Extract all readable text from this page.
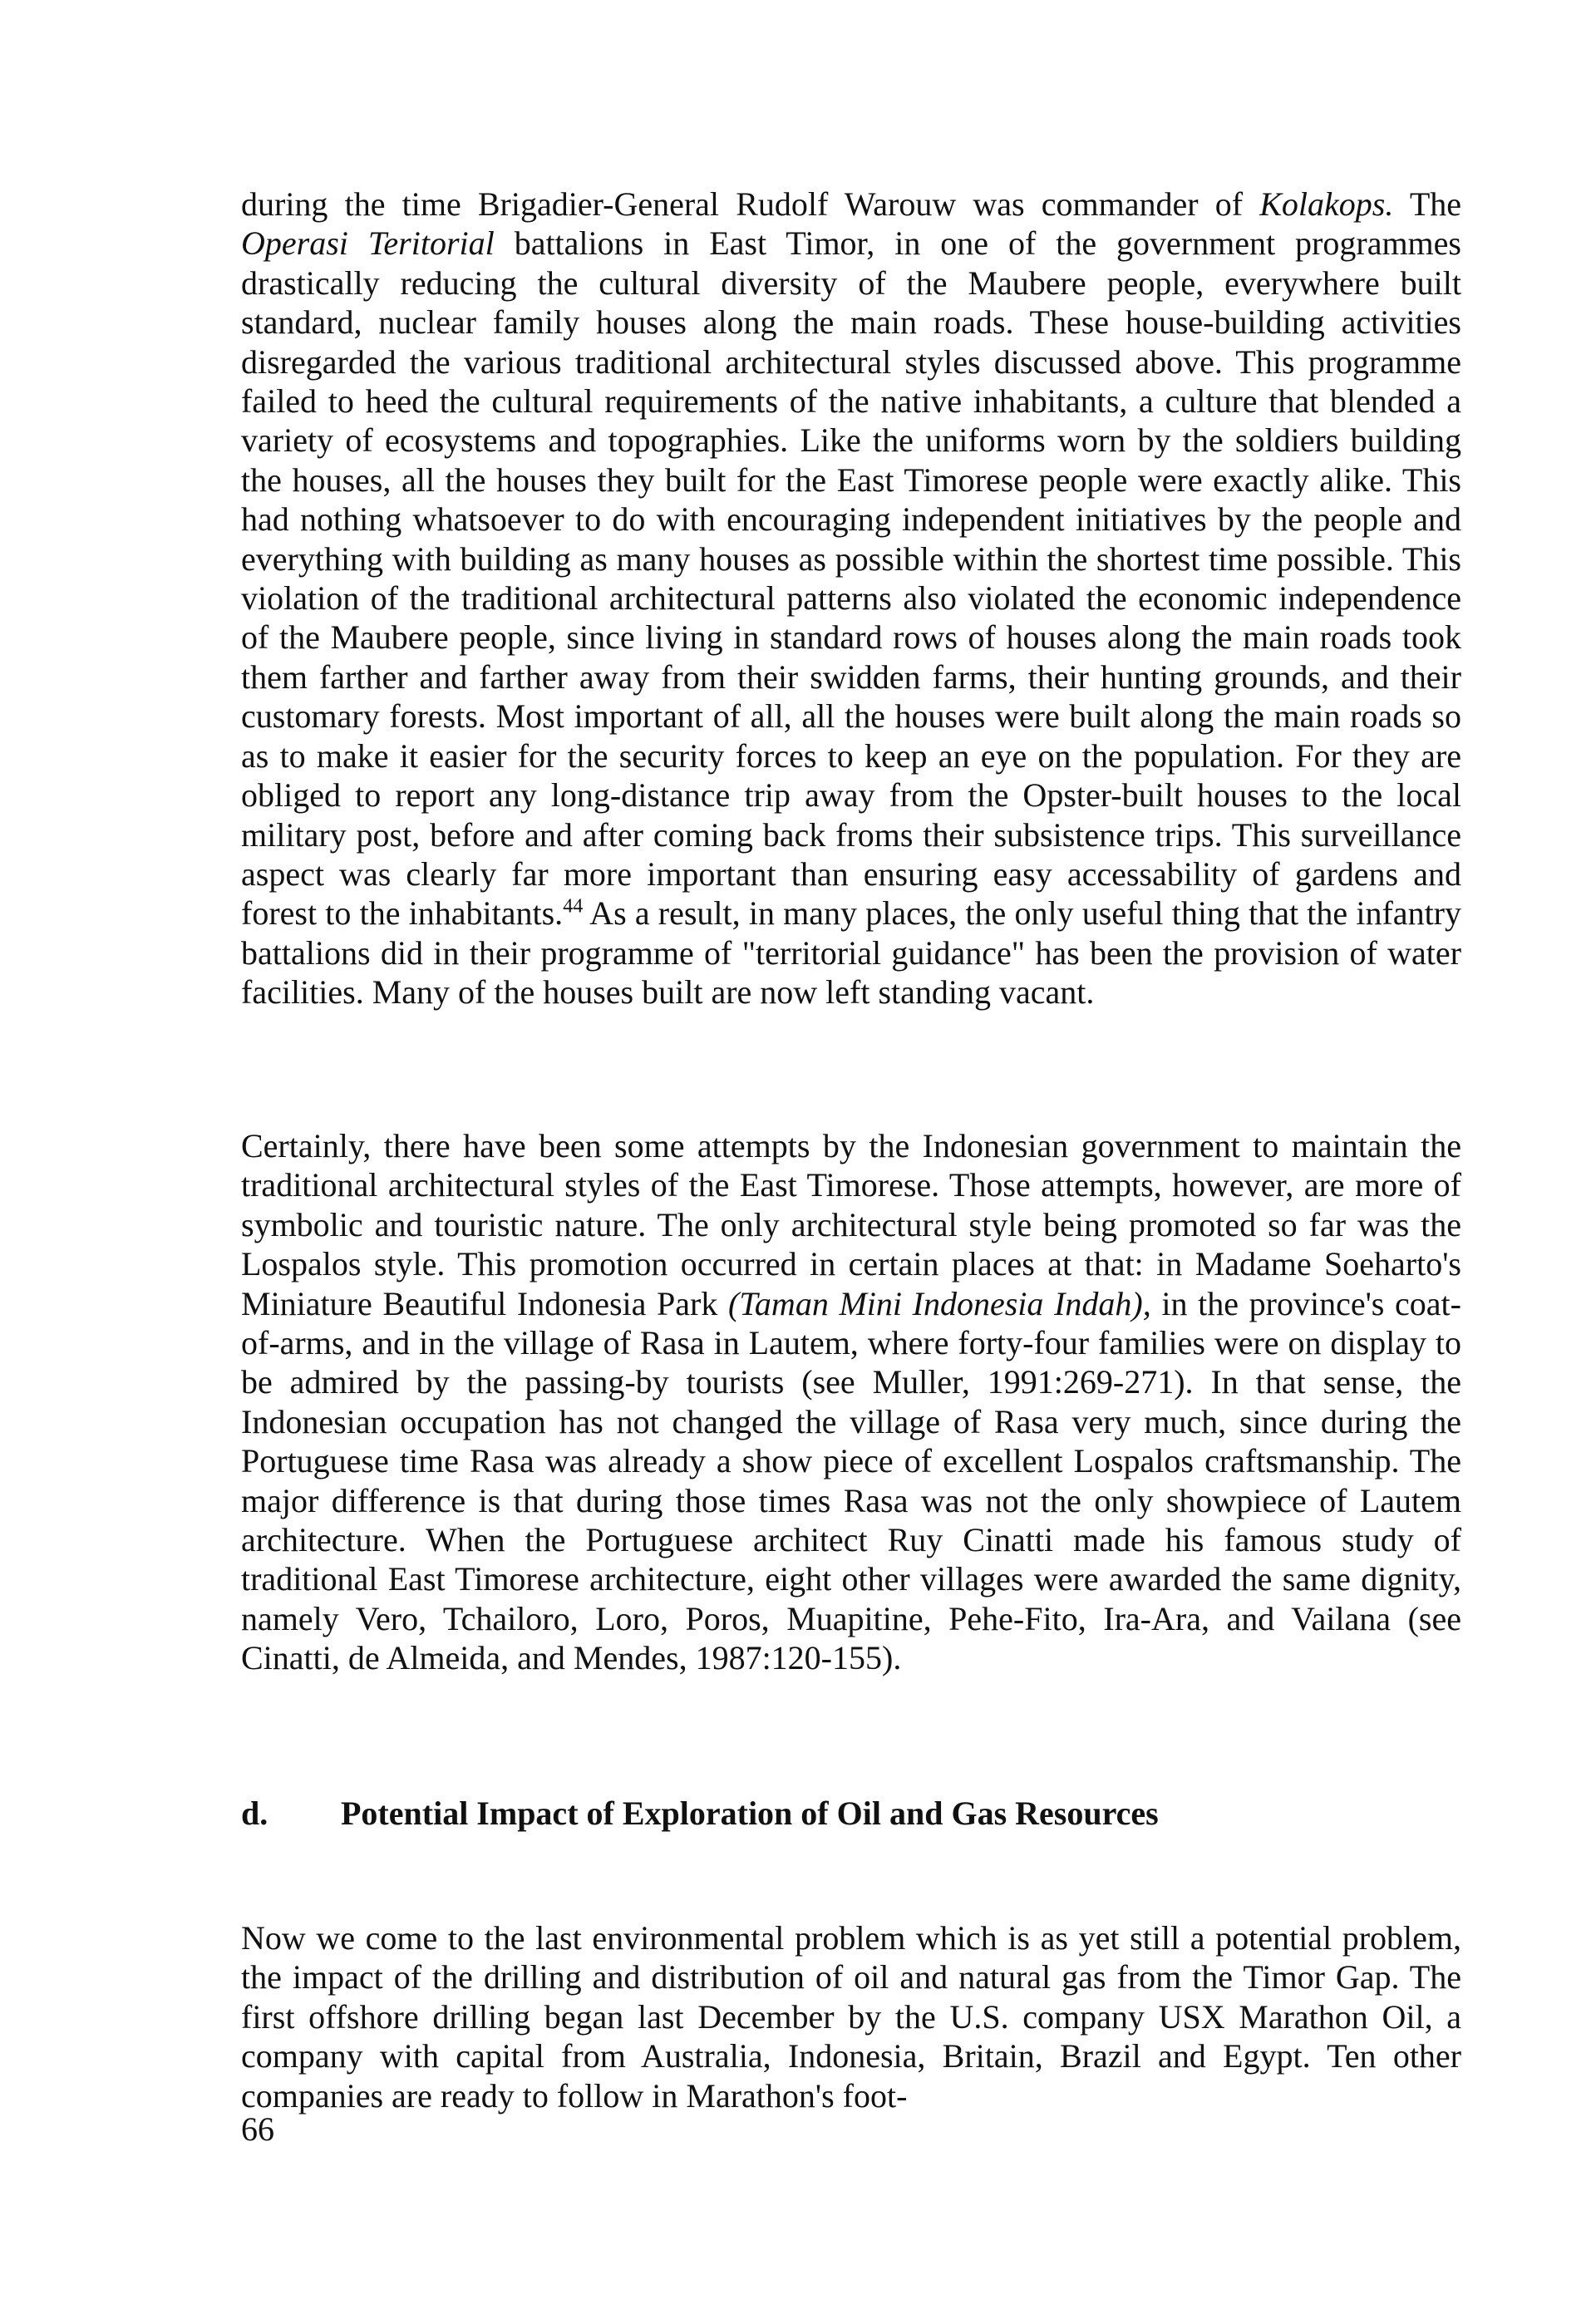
during the time Brigadier-General Rudolf Warouw was commander of Kolakops. The Operasi Teritorial battalions in East Timor, in one of the government programmes drastically reducing the cultural diversity of the Maubere people, everywhere built standard, nuclear family houses along the main roads. These house-building activities disregarded the various traditional architectural styles discussed above. This programme failed to heed the cultural requirements of the native inhabitants, a culture that blended a variety of ecosystems and topographies. Like the uniforms worn by the soldiers building the houses, all the houses they built for the East Timorese people were exactly alike. This had nothing whatsoever to do with encouraging independent initiatives by the people and everything with building as many houses as possible within the shortest time possible. This violation of the traditional architectural patterns also violated the economic independence of the Maubere people, since living in standard rows of houses along the main roads took them farther and farther away from their swidden farms, their hunting grounds, and their customary forests. Most important of all, all the houses were built along the main roads so as to make it easier for the security forces to keep an eye on the population. For they are obliged to report any long-distance trip away from the Opster-built houses to the local military post, before and after coming back froms their subsistence trips. This surveillance aspect was clearly far more important than ensuring easy accessability of gardens and forest to the inhabitants.$^{44}$ As a result, in many places, the only useful thing that the infantry battalions did in their programme of "territorial guidance" has been the provision of water facilities. Many of the houses built are now left standing vacant.

Certainly, there have been some attempts by the Indonesian government to maintain the traditional architectural styles of the East Timorese. Those attempts, however, are more of symbolic and touristic nature. The only architectural style being promoted so far was the Lospalos style. This promotion occurred in certain places at that: in Madame Soeharto's Miniature Beautiful Indonesia Park (Taman Mini Indonesia Indah), in the province's coat-of-arms, and in the village of Rasa in Lautem, where forty-four families were on display to be admired by the passing-by tourists (see Muller, 1991:269-271). In that sense, the Indonesian occupation has not changed the village of Rasa very much, since during the Portuguese time Rasa was already a show piece of excellent Lospalos craftsmanship. The major difference is that during those times Rasa was not the only showpiece of Lautem architecture. When the Portuguese architect Ruy Cinatti made his famous study of traditional East Timorese architecture, eight other villages were awarded the same dignity, namely Vero, Tchailoro, Loro, Poros, Muapitine, Pehe-Fito, Ira-Ara, and Vailana (see Cinatti, de Almeida, and Mendes, 1987:120-155).

d. Potential Impact of Exploration of Oil and Gas Resources

Now we come to the last environmental problem which is as yet still a potential problem, the impact of the drilling and distribution of oil and natural gas from the Timor Gap. The first offshore drilling began last December by the U.S. company USX Marathon Oil, a company with capital from Australia, Indonesia, Britain, Brazil and Egypt. Ten other companies are ready to follow in Marathon's foot-

66
